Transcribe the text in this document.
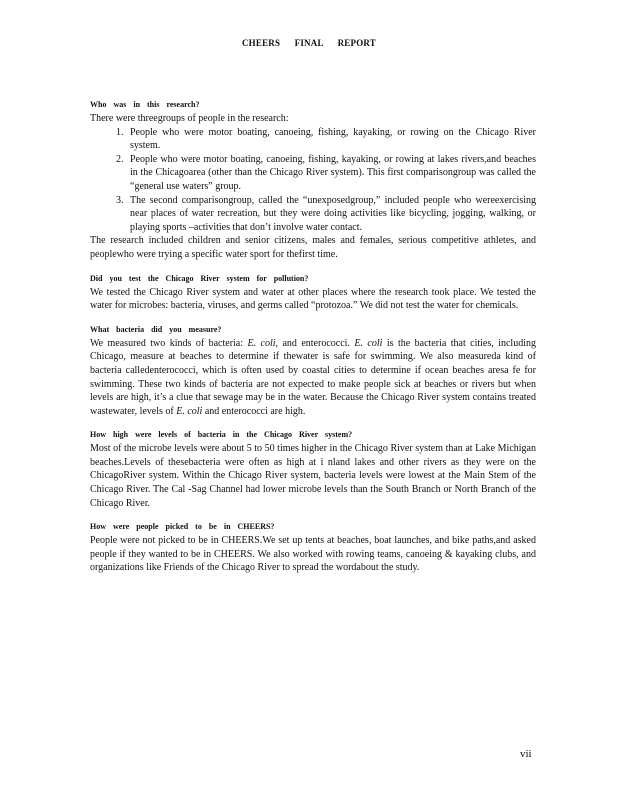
CHEERS FINAL REPORT

Who was in this research?

There were threegroups of people in the research:

1. People who were motor boating, canoeing, fishing, kayaking, or rowing on the Chicago River system.
2. People who were motor boating, canoeing, fishing, kayaking, or rowing at lakes rivers,and beaches in the Chicagoarea (other than the Chicago River system). This first comparisongroup was called the “general use waters” group.
3. The second comparisongroup, called the “unexposedgroup,” included people who wereexercising near places of water recreation, but they were doing activities like bicycling, jogging, walking, or playing sports –activities that don’t involve water contact.

The research included children and senior citizens, males and females, serious competitive athletes, and peoplewho were trying a specific water sport for thefirst time.

Did you test the Chicago River system for pollution?

We tested the Chicago River system and water at other places where the research took place. We tested the water for microbes: bacteria, viruses, and germs called “protozoa.” We did not test the water for chemicals.

What bacteria did you measure?

We measured two kinds of bacteria: E. coli, and enterococci. E. coli is the bacteria that cities, including Chicago, measure at beaches to determine if thewater is safe for swimming. We also measureda kind of bacteria calledenterococci, which is often used by coastal cities to determine if ocean beaches aresa fe for swimming. These two kinds of bacteria are not expected to make people sick at beaches or rivers but when levels are high, it’s a clue that sewage may be in the water. Because the Chicago River system contains treated wastewater, levels of E. coli and enterococci are high.

How high were levels of bacteria in the Chicago River system?

Most of the microbe levels were about 5 to 50 times higher in the Chicago River system than at Lake Michigan beaches.Levels of thesebacteria were often as high at i nland lakes and other rivers as they were on the ChicagoRiver system. Within the Chicago River system, bacteria levels were lowest at the Main Stem of the Chicago River. The Cal -Sag Channel had lower microbe levels than the South Branch or North Branch of the Chicago River.

How were people picked to be in CHEERS?

People were not picked to be in CHEERS.We set up tents at beaches, boat launches, and bike paths,and asked people if they wanted to be in CHEERS. We also worked with rowing teams, canoeing & kayaking clubs, and organizations like Friends of the Chicago River to spread the wordabout the study.

vii
